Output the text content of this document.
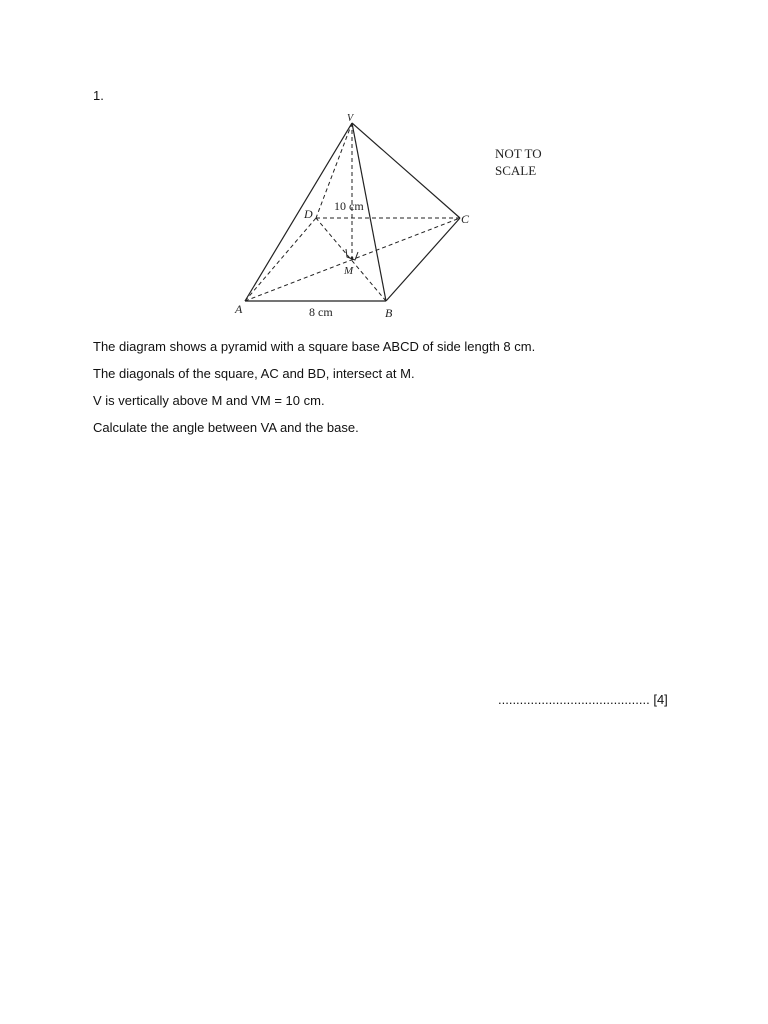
1.
V
D	C
A	B
M
10 cm
8 cm
NOT TO
SCALE
The diagram shows a pyramid with a square base ABCD of side length 8 cm.
The diagonals of the square, AC and BD, intersect at M.
V is vertically above M and VM = 10 cm.
Calculate the angle between VA and the base.
.......................................... [4]
